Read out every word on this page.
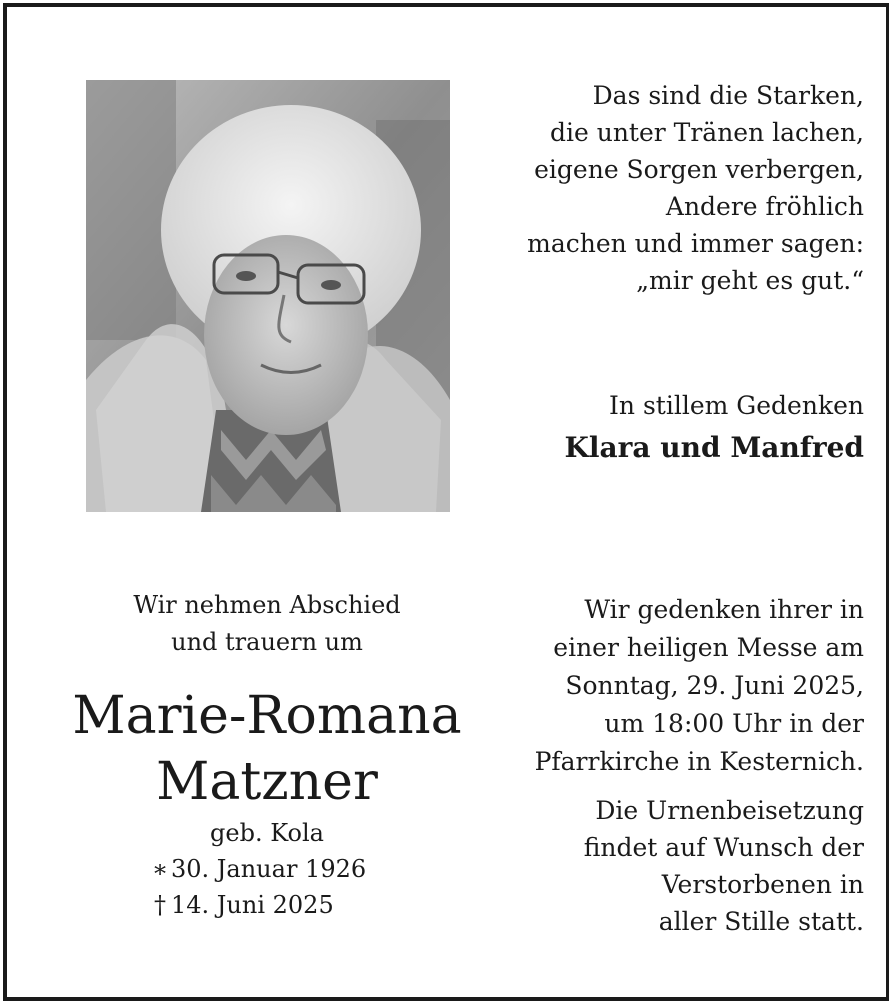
Das sind die Starken,
die unter Tränen lachen,
eigene Sorgen verbergen,
Andere fröhlich
machen und immer sagen:
„mir geht es gut.“
In stillem Gedenken
Klara und Manfred
Wir nehmen Abschied
und trauern um
Marie-Romana
Matzner
geb. Kola
∗ 30. Januar 1926
† 14. Juni 2025
Wir gedenken ihrer in
einer heiligen Messe am
Sonntag, 29. Juni 2025,
um 18:00 Uhr in der
Pfarrkirche in Kesternich.
Die Urnenbeisetzung
findet auf Wunsch der
Verstorbenen in
aller Stille statt.
